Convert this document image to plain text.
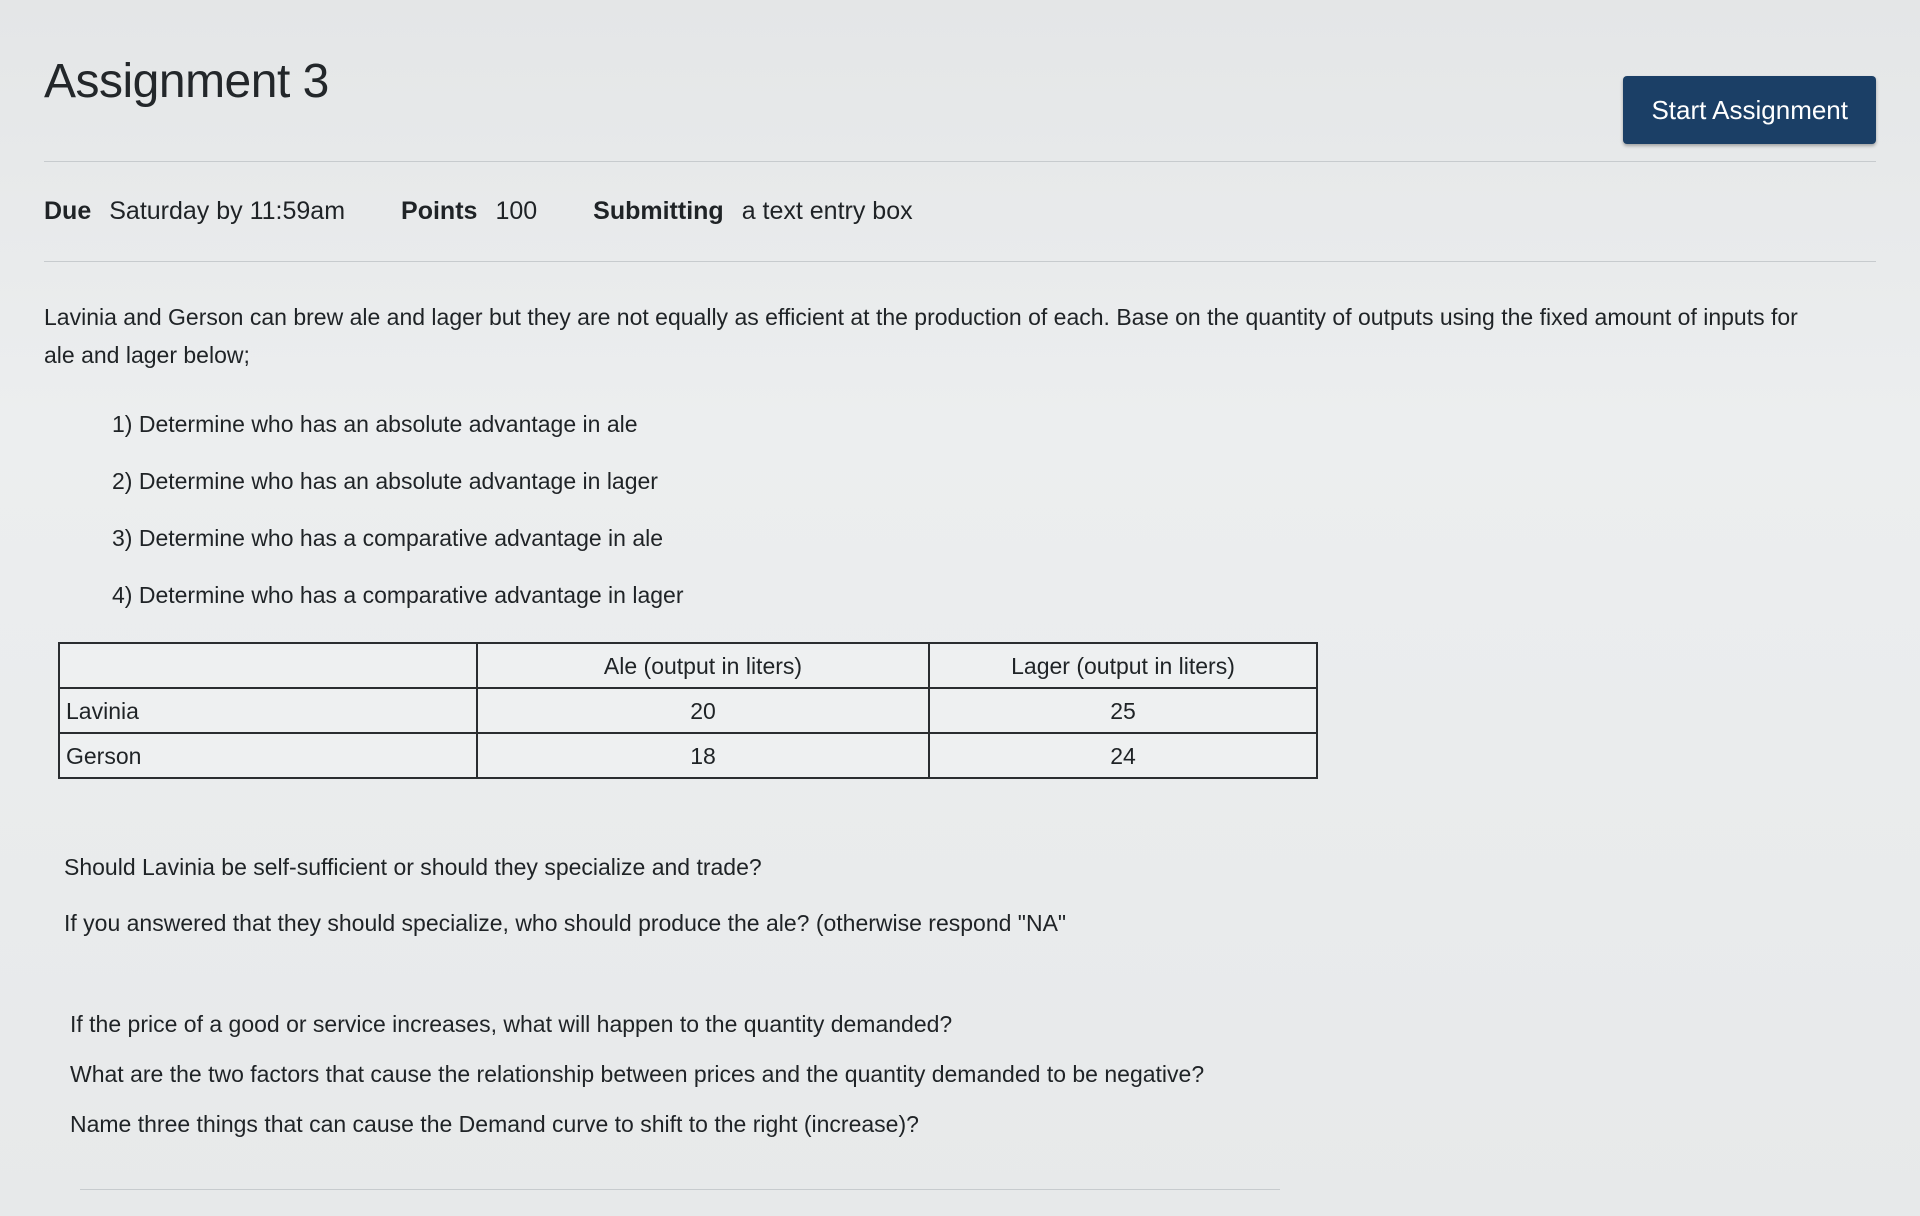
Assignment 3
Start Assignment
Due Saturday by 11:59am Points 100 Submitting a text entry box

Lavinia and Gerson can brew ale and lager but they are not equally as efficient at the production of each. Base on the quantity of outputs using the fixed amount of inputs for ale and lager below;

1) Determine who has an absolute advantage in ale
2) Determine who has an absolute advantage in lager
3) Determine who has a comparative advantage in ale
4) Determine who has a comparative advantage in lager
	Ale (output in liters)	Lager (output in liters)
Lavinia	20	25
Gerson	18	24

Should Lavinia be self-sufficient or should they specialize and trade?

If you answered that they should specialize, who should produce the ale? (otherwise respond "NA"

If the price of a good or service increases, what will happen to the quantity demanded?

What are the two factors that cause the relationship between prices and the quantity demanded to be negative?

Name three things that can cause the Demand curve to shift to the right (increase)?
